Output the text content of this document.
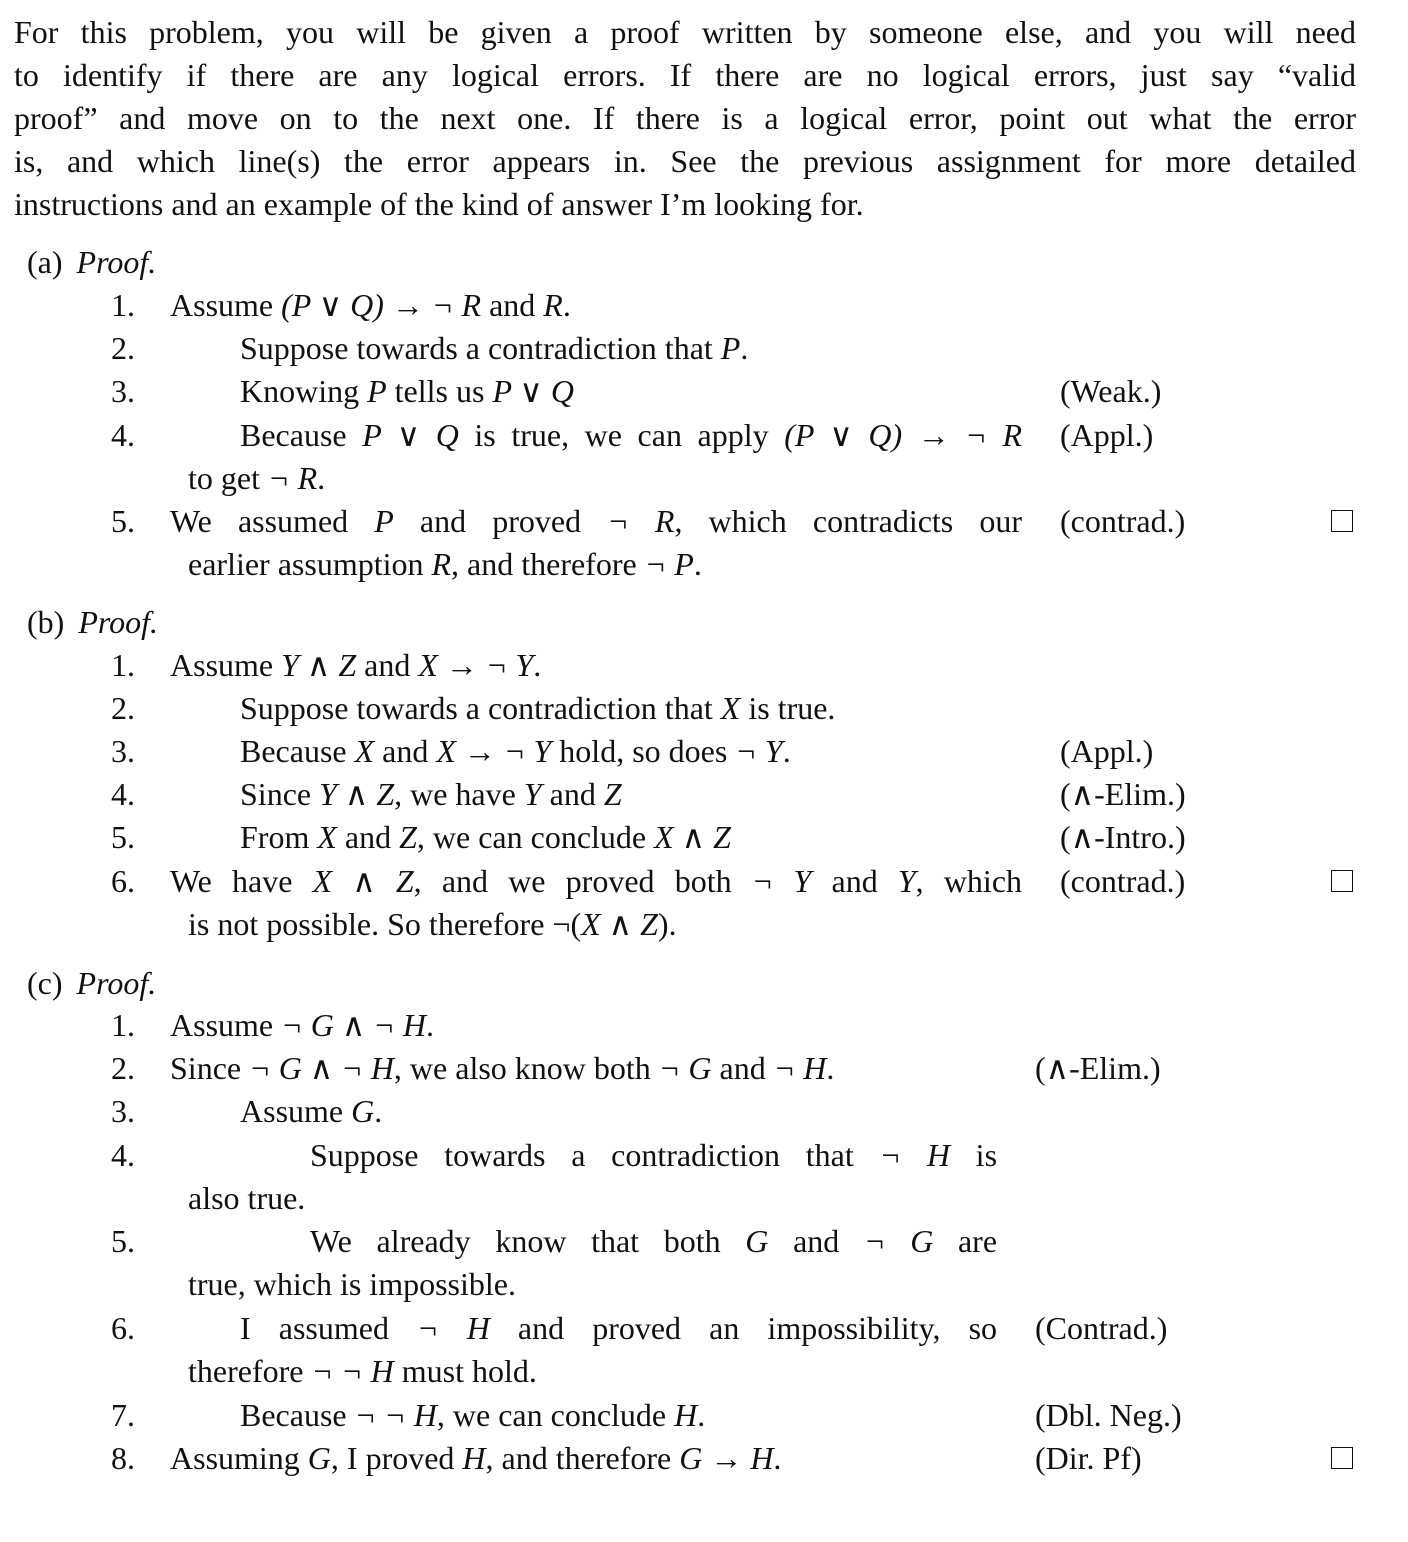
For this problem, you will be given a proof written by someone else, and you will need
to identify if there are any logical errors. If there are no logical errors, just say “valid
proof” and move on to the next one. If there is a logical error, point out what the error
is, and which line(s) the error appears in. See the previous assignment for more detailed
instructions and an example of the kind of answer I’m looking for.
(a) Proof.
1. Assume (P ∨ Q) → ¬ R and R.
2.	Suppose towards a contradiction that P.
3.	Knowing P tells us P ∨ Q	(Weak.)
4.	Because P ∨ Q is true, we can apply (P ∨ Q) → ¬ R (Appl.)
to get ¬ R.
5. We assumed P and proved ¬ R, which contradicts our (contrad.)
earlier assumption R, and therefore ¬ P.
(b) Proof.
1. Assume Y ∧ Z and X → ¬ Y.
2.	Suppose towards a contradiction that X is true.
3.	Because X and X → ¬ Y hold, so does ¬ Y.	(Appl.)
4.	Since Y ∧ Z, we have Y and Z	(∧-Elim.)
5.	From X and Z, we can conclude X ∧ Z	(∧-Intro.)
6. We have X ∧ Z, and we proved both ¬ Y and Y, which (contrad.)
is not possible. So therefore ¬(X ∧ Z).
(c) Proof.
1. Assume ¬ G ∧ ¬ H.
2. Since ¬ G ∧ ¬ H, we also know both ¬ G and ¬ H.	(∧-Elim.)
3.	Assume G.
4.	Suppose towards a contradiction that ¬ H is
also true.
5.	We already know that both G and ¬ G are
true, which is impossible.
6.	I assumed ¬ H and proved an impossibility, so (Contrad.)
therefore ¬ ¬ H must hold.
7.	Because ¬ ¬ H, we can conclude H.	(Dbl. Neg.)
8. Assuming G, I proved H, and therefore G → H.	(Dir. Pf)
